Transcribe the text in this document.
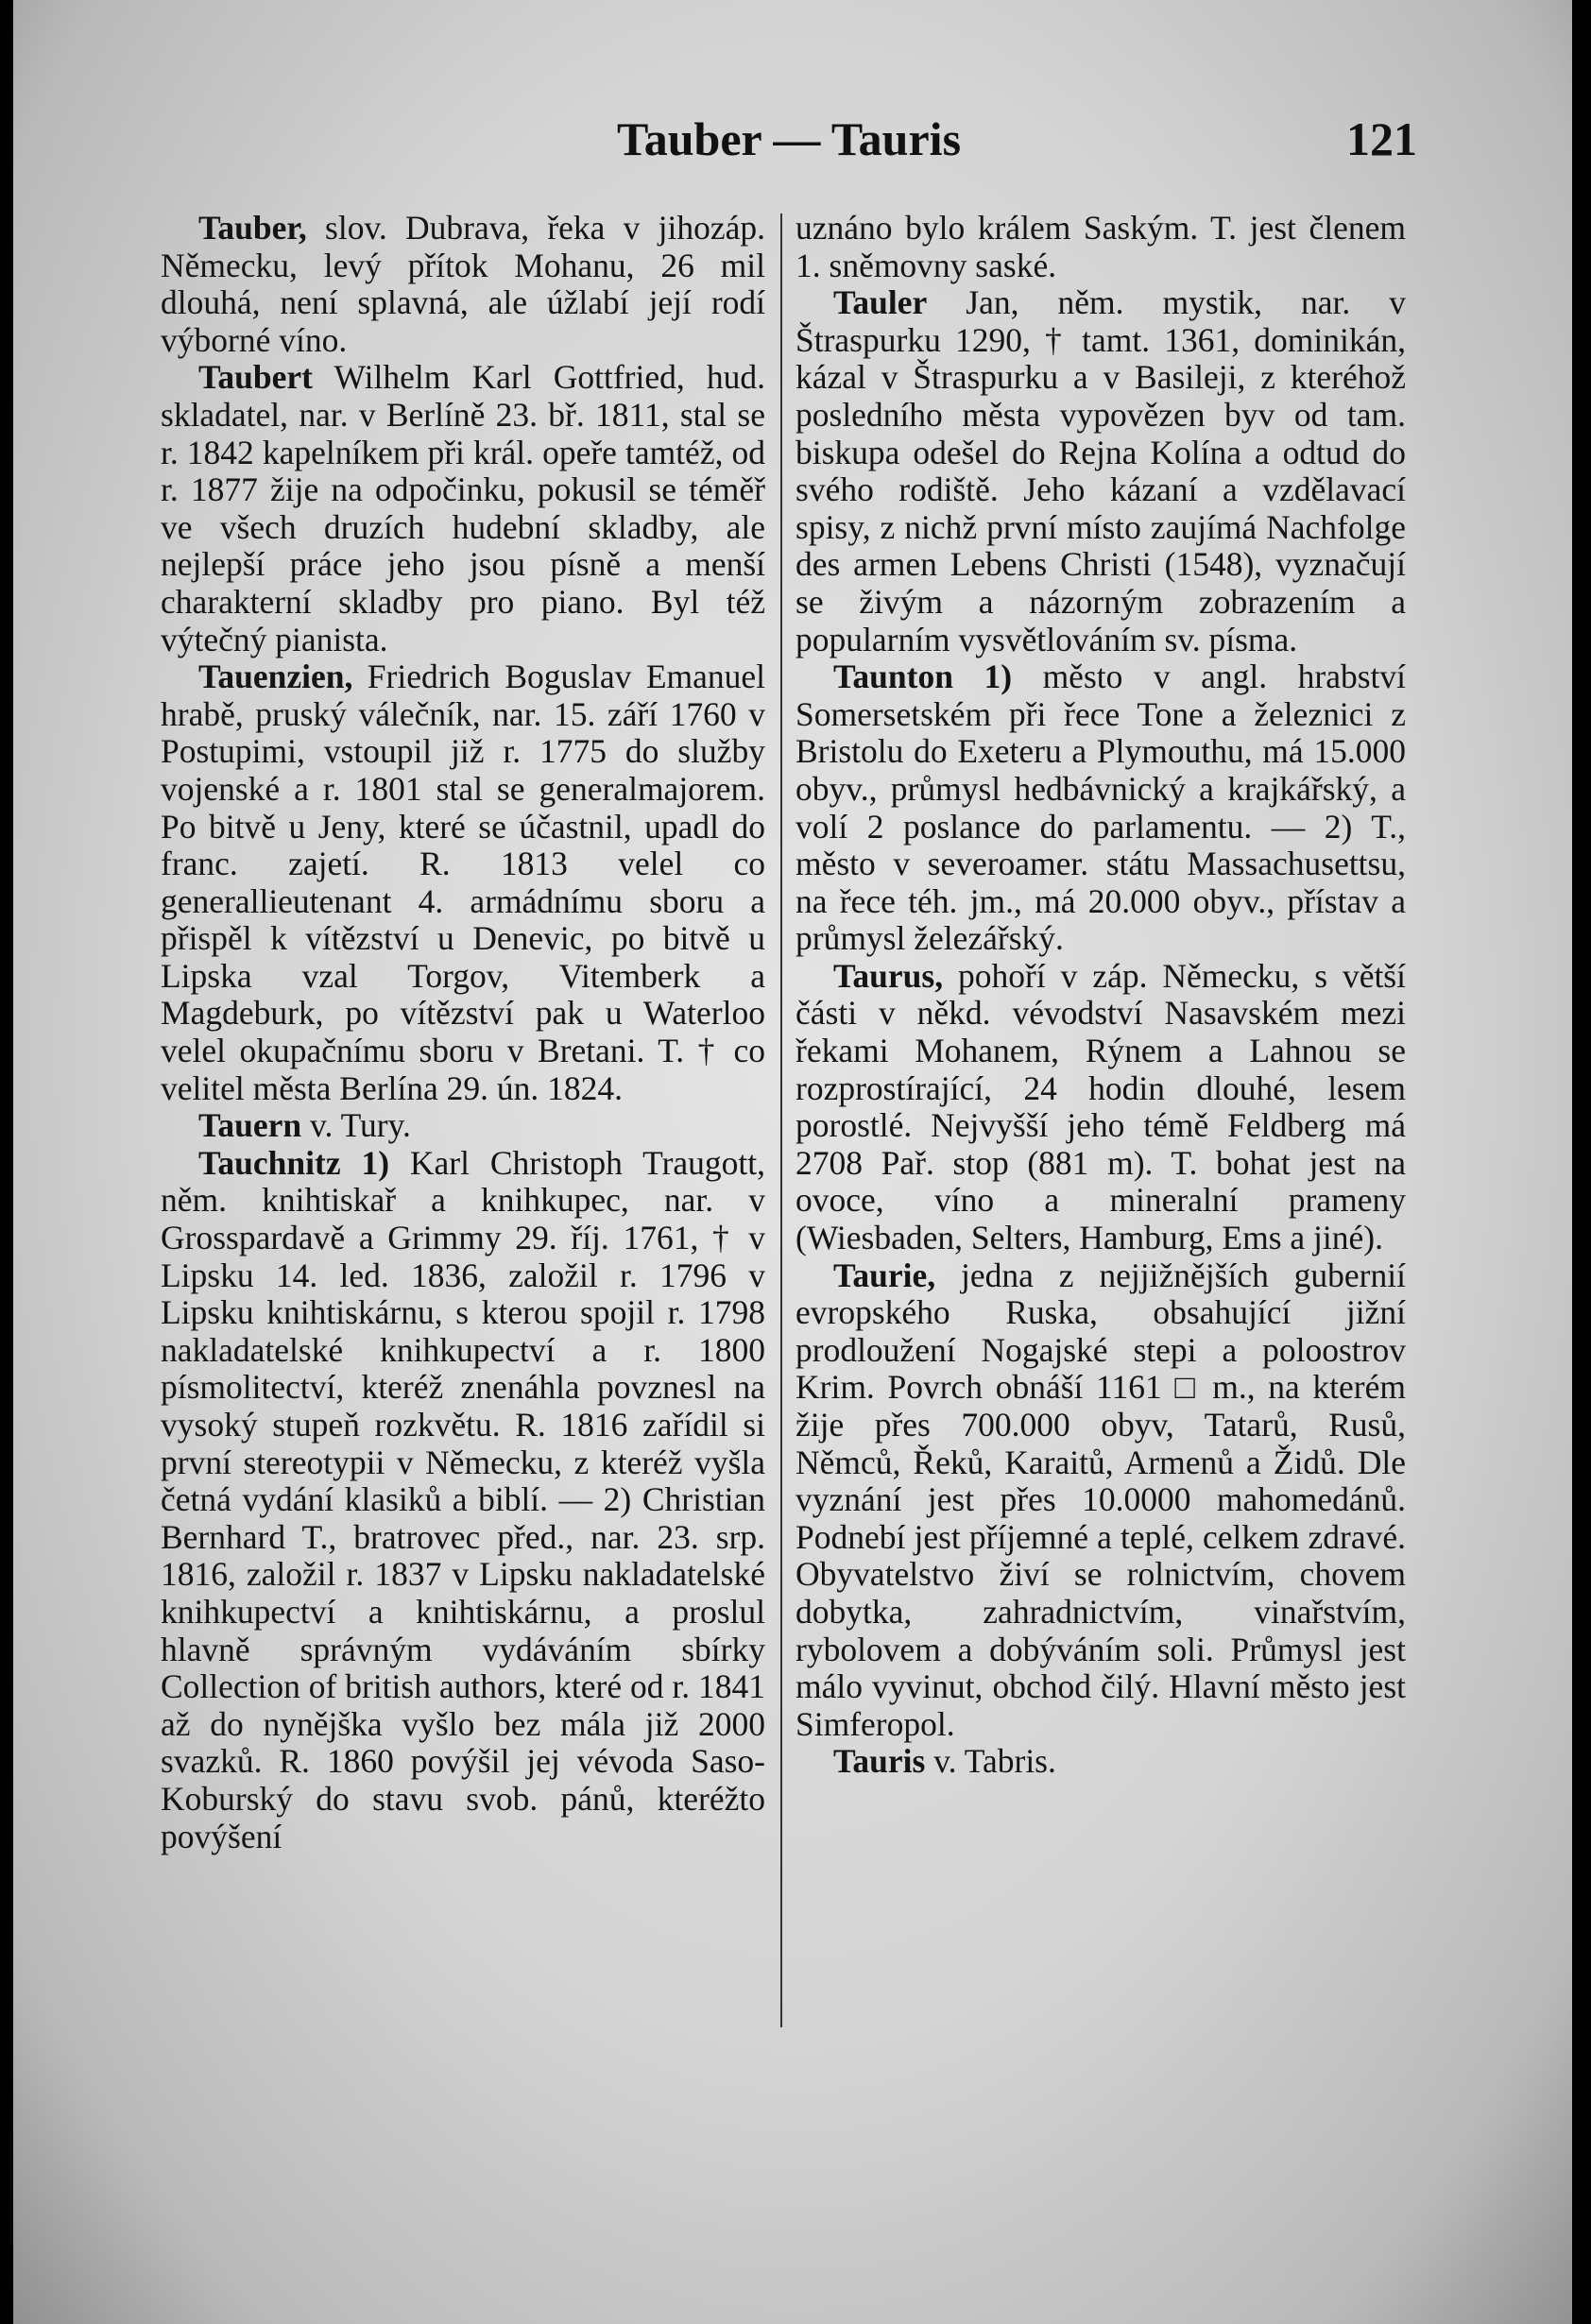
Tauber — Tauris	121

Tauber, slov. Dubrava, řeka v jihozáp. Německu, levý přítok Mohanu, 26 mil dlouhá, není splavná, ale úžlabí její rodí výborné víno.

Taubert Wilhelm Karl Gottfried, hud. skladatel, nar. v Berlíně 23. bř. 1811, stal se r. 1842 kapelníkem při král. opeře tamtéž, od r. 1877 žije na odpočinku, pokusil se téměř ve všech druzích hudební skladby, ale nejlepší práce jeho jsou písně a menší charakterní skladby pro piano. Byl též výtečný pianista.

Tauenzien, Friedrich Boguslav Emanuel hrabě, pruský válečník, nar. 15. září 1760 v Postupimi, vstoupil již r. 1775 do služby vojenské a r. 1801 stal se generalmajorem. Po bitvě u Jeny, které se účastnil, upadl do franc. zajetí. R. 1813 velel co generallieutenant 4. armádnímu sboru a přispěl k vítězství u Denevic, po bitvě u Lipska vzal Torgov, Vitemberk a Magdeburk, po vítězství pak u Waterloo velel okupačnímu sboru v Bretani. T. † co velitel města Berlína 29. ún. 1824.

Tauern v. Tury.

Tauchnitz 1) Karl Christoph Traugott, něm. knihtiskař a knihkupec, nar. v Grosspardavě a Grimmy 29. říj. 1761, † v Lipsku 14. led. 1836, založil r. 1796 v Lipsku knihtiskárnu, s kterou spojil r. 1798 nakladatelské knihkupectví a r. 1800 písmolitectví, kteréž znenáhla povznesl na vysoký stupeň rozkvětu. R. 1816 zařídil si první stereotypii v Německu, z kteréž vyšla četná vydání klasiků a biblí. — 2) Christian Bernhard T., bratrovec před., nar. 23. srp. 1816, založil r. 1837 v Lipsku nakladatelské knihkupectví a knihtiskárnu, a proslul hlavně správným vydáváním sbírky Collection of british authors, které od r. 1841 až do nynějška vyšlo bez mála již 2000 svazků. R. 1860 povýšil jej vévoda Saso-Koburský do stavu svob. pánů, kteréžto povýšení

uznáno bylo králem Saským. T. jest členem 1. sněmovny saské.

Tauler Jan, něm. mystik, nar. v Štraspurku 1290, † tamt. 1361, dominikán, kázal v Štraspurku a v Basileji, z kteréhož posledního města vypovězen byv od tam. biskupa odešel do Rejna Kolína a odtud do svého rodiště. Jeho kázaní a vzdělavací spisy, z nichž první místo zaujímá Nachfolge des armen Lebens Christi (1548), vyznačují se živým a názorným zobrazením a popularním vysvětlováním sv. písma.

Taunton 1) město v angl. hrabství Somersetském při řece Tone a železnici z Bristolu do Exeteru a Plymouthu, má 15.000 obyv., průmysl hedbávnický a krajkářský, a volí 2 poslance do parlamentu. — 2) T., město v severoamer. státu Massachusettsu, na řece téh. jm., má 20.000 obyv., přístav a průmysl železářský.

Taurus, pohoří v záp. Německu, s větší části v někd. vévodství Nasavském mezi řekami Mohanem, Rýnem a Lahnou se rozprostírající, 24 hodin dlouhé, lesem porostlé. Nejvyšší jeho témě Feldberg má 2708 Pař. stop (881 m). T. bohat jest na ovoce, víno a mineralní prameny (Wiesbaden, Selters, Hamburg, Ems a jiné).

Taurie, jedna z nejjižnějších gubernií evropského Ruska, obsahující jižní prodloužení Nogajské stepi a poloostrov Krim. Povrch obnáší 1161 □ m., na kterém žije přes 700.000 obyv, Tatarů, Rusů, Němců, Řeků, Karaitů, Armenů a Židů. Dle vyznání jest přes 10.0000 mahomedánů. Podnebí jest příjemné a teplé, celkem zdravé. Obyvatelstvo živí se rolnictvím, chovem dobytka, zahradnictvím, vinařstvím, rybolovem a dobýváním soli. Průmysl jest málo vyvinut, obchod čilý. Hlavní město jest Simferopol.

Tauris v. Tabris.
